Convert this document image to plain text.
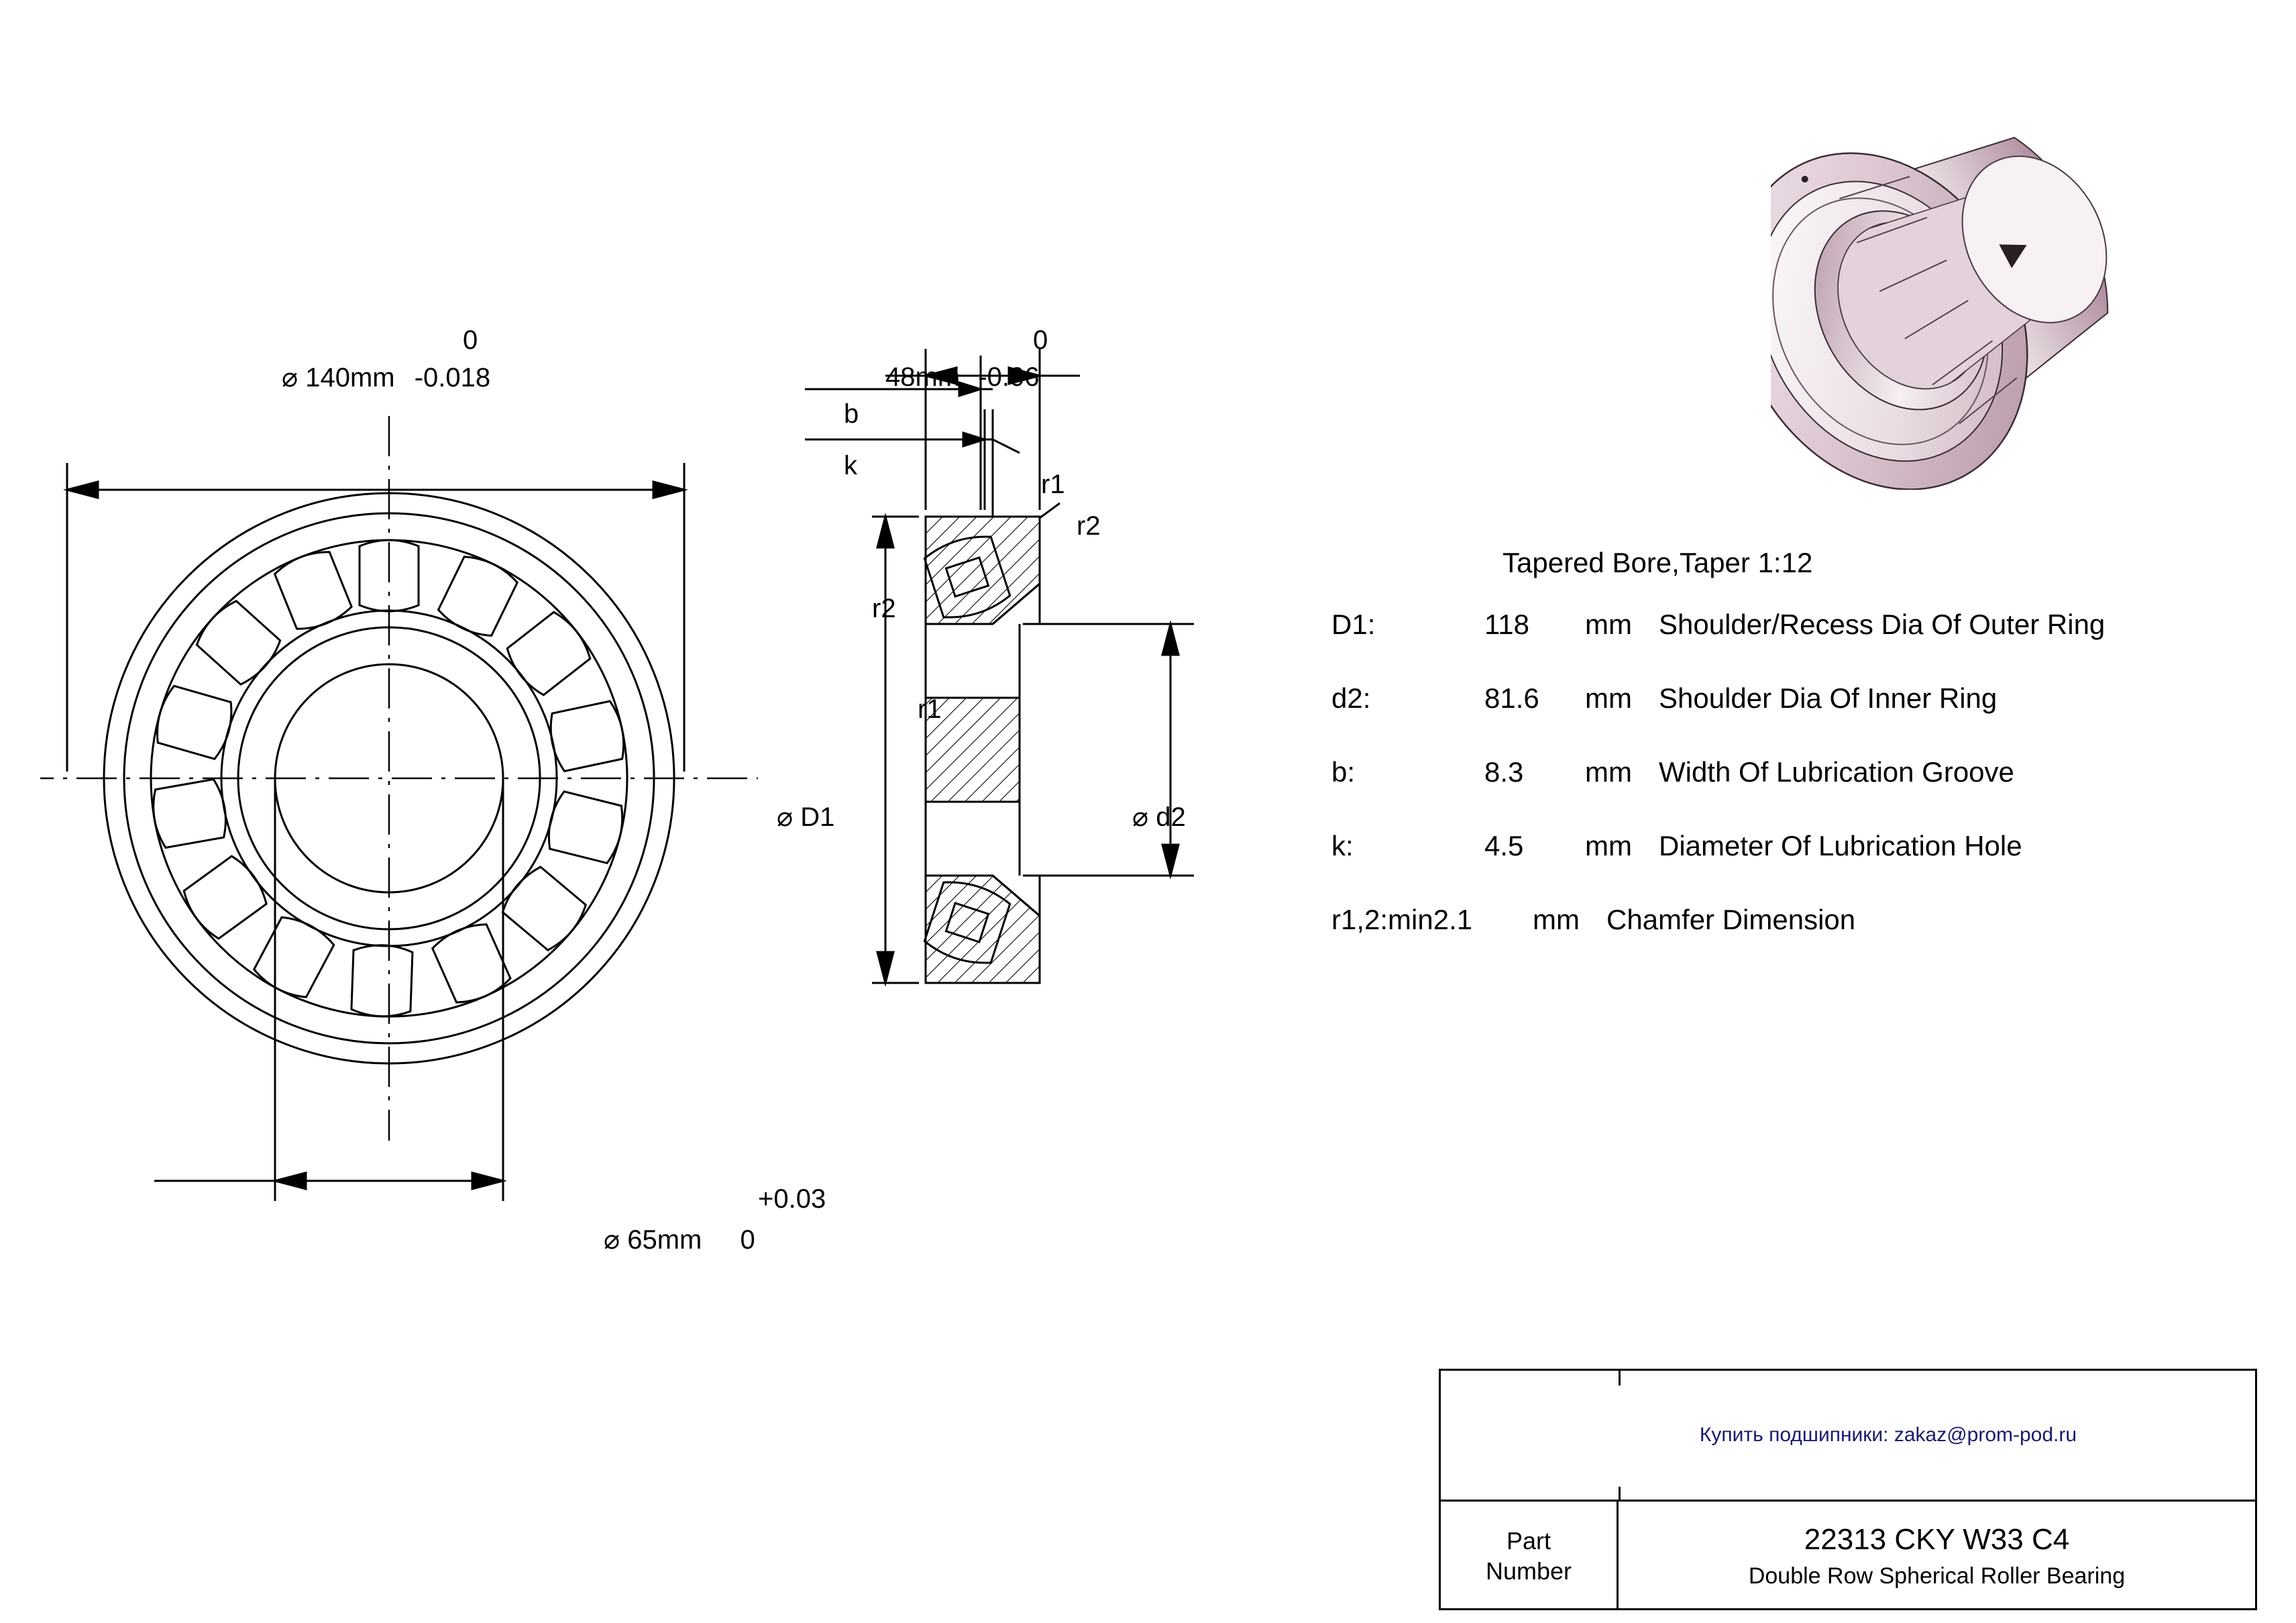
0
⌀ 140mm -0.018
+0.03
⌀ 65mm 0
0
48mm -0.06
b
k
r1
r2
r2
r1
⌀ D1	⌀ d2
Tapered Bore,Taper 1:12
D1:	118	mm Shoulder/Recess Dia Of Outer Ring
d2:	81.6	mm Shoulder Dia Of Inner Ring
b:	8.3	mm Width Of Lubrication Groove
k:	4.5	mm Diameter Of Lubrication Hole
r1,2:min2.1	mm Chamfer Dimension
Купить подшипники: zakaz@prom-pod.ru
Part
Number
22313 CKY W33 C4
Double Row Spherical Roller Bearing
